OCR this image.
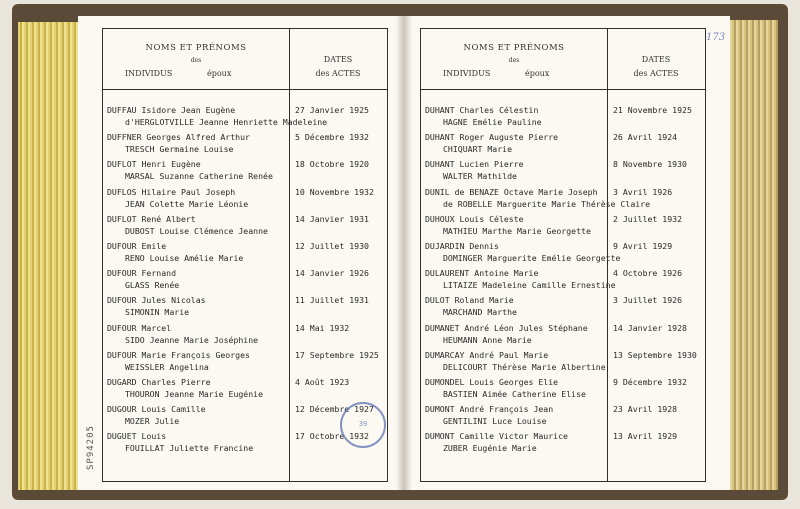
173
SP94205
NOMS ET PRÉNOMS
des
INDIVIDUS	époux
DATES
des ACTES
DUFFAU Isidore Jean Eugène
d'HERGLOTVILLE Jeanne Henriette Madeleine
27 Janvier 1925
DUFFNER Georges Alfred Arthur
TRESCH Germaine Louise
5 Décembre 1932
DUFLOT Henri Eugène
MARSAL Suzanne Catherine Renée
18 Octobre 1920
DUFLOS Hilaire Paul Joseph
JEAN Colette Marie Léonie
10 Novembre 1932
DUFLOT René Albert
DUBOST Louise Clémence Jeanne
14 Janvier 1931
DUFOUR Emile
RENO Louise Amélie Marie
12 Juillet 1930
DUFOUR Fernand
GLASS Renée
14 Janvier 1926
DUFOUR Jules Nicolas
SIMONIN Marie
11 Juillet 1931
DUFOUR Marcel
SIDO Jeanne Marie Joséphine
14 Mai 1932
DUFOUR Marie François Georges
WEISSLER Angelina
17 Septembre 1925
DUGARD Charles Pierre
THOURON Jeanne Marie Eugénie
4 Août 1923
DUGOUR Louis Camille
MOZER Julie
12 Décembre 1927
DUGUET Louis
FOUILLAT Juliette Francine
17 Octobre 1932
NOMS ET PRÉNOMS
des
INDIVIDUS	époux
DATES
des ACTES
DUHANT Charles Célestin
HAGNE Emélie Pauline
21 Novembre 1925
DUHANT Roger Auguste Pierre
CHIQUART Marie
26 Avril 1924
DUHANT Lucien Pierre
WALTER Mathilde
8 Novembre 1930
DUNIL de BENAZE Octave Marie Joseph
de ROBELLE Marguerite Marie Thérèse Claire
3 Avril 1926
DUHOUX Louis Céleste
MATHIEU Marthe Marie Georgette
2 Juillet 1932
DUJARDIN Dennis
DOMINGER Marguerite Emélie Georgette
9 Avril 1929
DULAURENT Antoine Marie
LITAIZE Madeleine Camille Ernestine
4 Octobre 1926
DULOT Roland Marie
MARCHAND Marthe
3 Juillet 1926
DUMANET André Léon Jules Stéphane
HEUMANN Anne Marie
14 Janvier 1928
DUMARCAY André Paul Marie
DELICOURT Thérèse Marie Albertine
13 Septembre 1930
DUMONDEL Louis Georges Elie
BASTIEN Aimée Catherine Elise
9 Décembre 1932
DUMONT André François Jean
GENTILINI Luce Louise
23 Avril 1928
DUMONT Camille Victor Maurice
ZUBER Eugénie Marie
13 Avril 1929
39
